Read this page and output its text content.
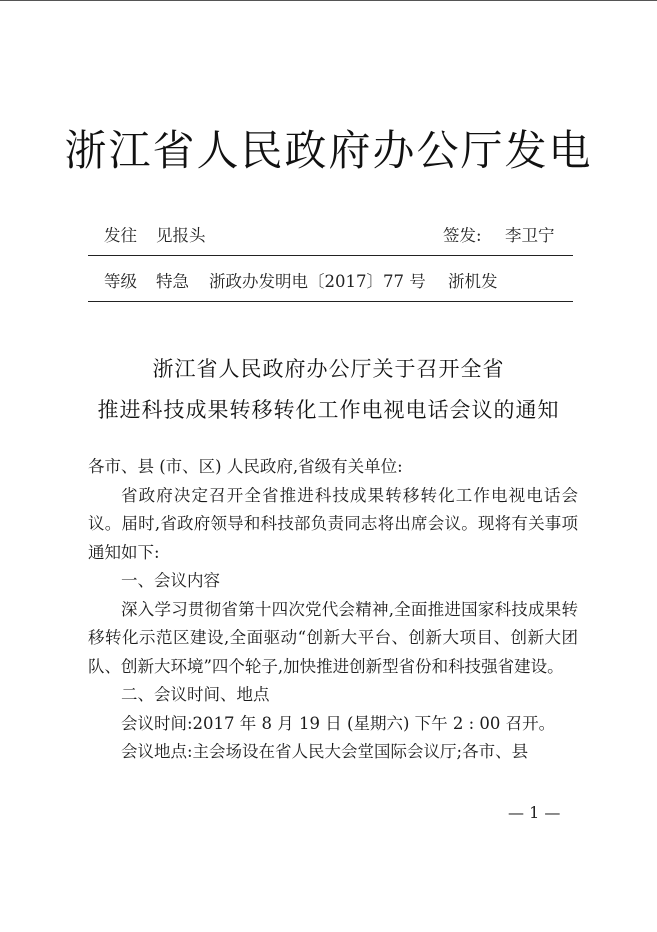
浙江省人民政府办公厅发电
发往 见报头	签发: 李卫宁
等级 特急 浙政办发明电〔2017〕77 号 浙机发
浙江省人民政府办公厅关于召开全省
推进科技成果转移转化工作电视电话会议的通知

各市、县 (市、区) 人民政府,省级有关单位:

省政府决定召开全省推进科技成果转移转化工作电视电话会议。届时,省政府领导和科技部负责同志将出席会议。现将有关事项通知如下:

一、会议内容

深入学习贯彻省第十四次党代会精神,全面推进国家科技成果转移转化示范区建设,全面驱动“创新大平台、创新大项目、创新大团队、创新大环境”四个轮子,加快推进创新型省份和科技强省建设。

二、会议时间、地点

会议时间:2017 年 8 月 19 日 (星期六) 下午 2 : 00 召开。

会议地点:主会场设在省人民大会堂国际会议厅;各市、县

— 1 —
